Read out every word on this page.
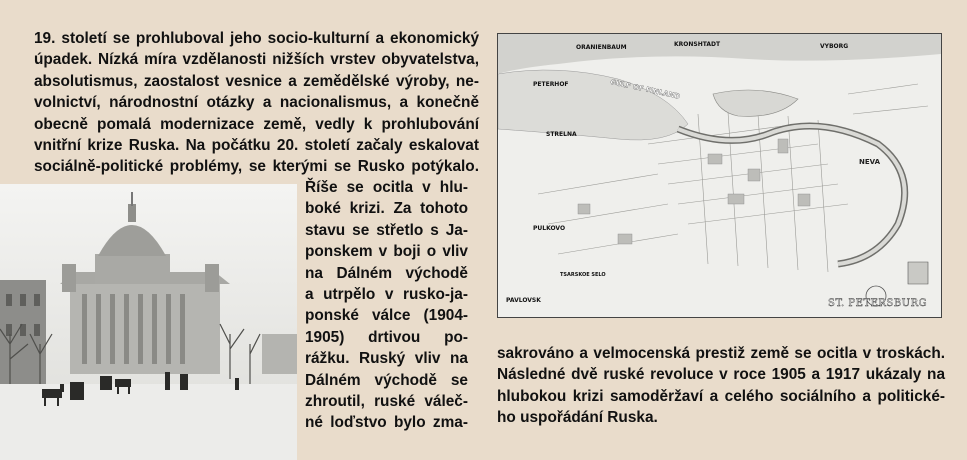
19. století se prohluboval jeho socio-kulturní a ekonomický
úpadek. Nízká míra vzdělanosti nižších vrstev obyvatelstva,
absolutismus, zaostalost vesnice a zemědělské výroby, ne-
volnictví, národnostní otázky a nacionalismus, a konečně
obecně pomalá modernizace země, vedly k prohlubování
vnitřní krize Ruska. Na počátku 20. století začaly eskalovat
sociálně-politické problémy, se kterými se Rusko potýkalo.
Říše se ocitla v hlu-
boké krizi. Za tohoto
stavu se střetlo s Ja-
ponskem v boji o vliv
na Dálném východě
a utrpělo v rusko-ja-
ponské válce (1904-
1905) drtivou po-
rážku. Ruský vliv na
Dálném východě se
zhroutil, ruské váleč-
né loďstvo bylo zma-
ORANIENBAUM	KRONSHTADT	VYBORG
PETERHOF	GULF OF FINLAND
STRELNA
NEVA
PULKOVO
TSARSKOE SELO
PAVLOVSK	ST. PETERSBURG
sakrováno a velmocenská prestiž země se ocitla v troskách.
Následné dvě ruské revoluce v roce 1905 a 1917 ukázaly na
hlubokou krizi samoděržaví a celého sociálního a politické-
ho uspořádání Ruska.
